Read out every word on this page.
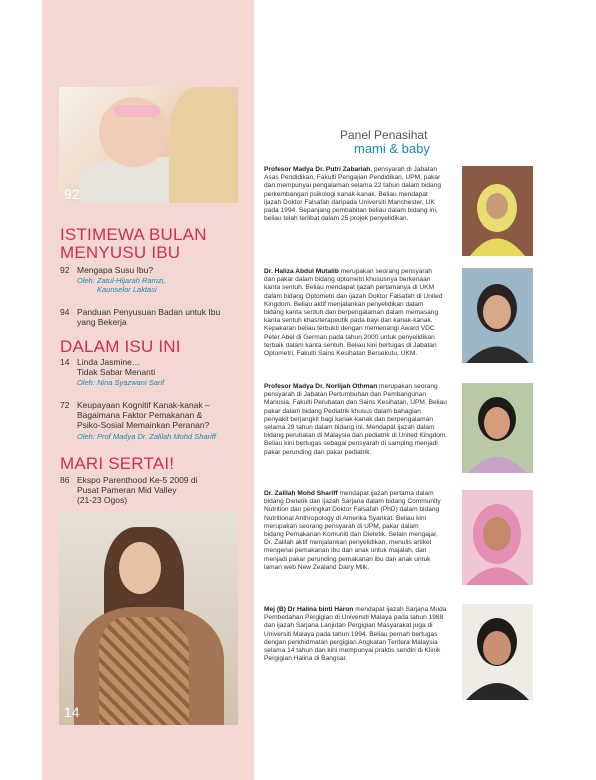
92
ISTIMEWA BULAN
MENYUSU IBU
92 Mengapa Susu Ibu?
Oleh: Zatul-Hijarah Ramzi,
Kaunselor Laktasi
94 Panduan Penyusuan Badan untuk Ibu
yang Bekerja
DALAM ISU INI
14 Linda Jasmine…
Tidak Sabar Menanti
Oleh: Nina Syazwani Sarif
72 Keupayaan Kognitif Kanak-kanak –
Bagaimana Faktor Pemakanan &
Psiko-Sosial Memainkan Peranan?
Oleh: Prof Madya Dr. Zalilah Mohd Shariff
MARI SERTAI!
86 Ekspo Parenthood Ke-5 2009 di
Pusat Pameran Mid Valley
(21-23 Ogos)
14
Panel Penasihat
mami & baby
Profesor Madya Dr. Putri Zabariah, pensyarah di Jabatan
Asas Pendidikan, Fakulti Pengajian Pendidikan, UPM, pakar
dan mempunyai pengalaman selama 22 tahun dalam bidang
perkembangan psikologi kanak-kanak. Beliau mendapat
ijazah Doktor Falsafah daripada Universiti Manchester, UK
pada 1994. Sepanjang pembabitan beliau dalam bidang ini,
beliau telah terlibat dalam 25 projek penyelidikan.
Dr. Haliza Abdul Mutalib merupakan seorang pensyarah
dan pakar dalam bidang optometri khususnya berkenaan
kanta sentuh. Beliau mendapat ijazah pertamanya di UKM
dalam bidang Optometri dan ijazah Doktor Falsafah di United
Kingdom. Beliau aktif menjalankan penyelidikan dalam
bidang kanta sentuh dan berpengalaman dalam memasang
kanta sentuh khas/terapeutik pada bayi dan kanak-kanak.
Kepakaran beliau terbukti dengan memenangi Award VDC
Peter Abel di German pada tahun 2000 untuk penyelidikan
terbaik dalam kanta sentuh. Beliau kini bertugas di Jabatan
Optometri, Fakulti Sains Kesihatan Bersekutu, UKM.
Profesor Madya Dr. Norlijah Othman merupakan seorang
pensyarah di Jabatan Pertumbuhan dan Pembangunan
Manusia, Fakulti Perubatan dan Sains Kesihatan, UPM. Beliau
pakar dalam bidang Pediatrik khusus dalam bahagian
penyakit berjangkit bagi kanak-kanak dan berpengalaman
selama 29 tahun dalam bidang ini. Mendapat ijazah dalam
bidang perubatan di Malaysia dan pediatrik di United Kingdom.
Beliau kini bertugas sebagai pensyarah di samping menjadi
pakar perunding dan pakar pediatrik.
Dr. Zalilah Mohd Shariff mendapat ijazah pertama dalam
bidang Dietetik dan ijazah Sarjana dalam bidang Community
Nutrition dan peringkat Doktor Falsafah (PhD) dalam bidang
Nutritional Anthropology di Amerika Syarikat. Beliau kini
merupakan seorang pensyarah di UPM, pakar dalam
bidang Pemakanan Komuniti dan Dietetik. Selain mengajar,
Dr. Zalilah aktif menjalankan penyelidikan, menulis artikel
mengenai pemakanan ibu dan anak untuk majalah, dan
menjadi pakar perunding pemakanan ibu dan anak untuk
laman web New Zealand Dairy Milk.
Mej (B) Dr Halina binti Haron mendapat ijazah Sarjana Muda
Pembedahan Pergigian di Universiti Malaya pada tahun 1988
dan ijazah Sarjana Lanjutan Pergigian Masyarakat juga di
Universiti Malaya pada tahun 1994. Beliau pernah bertugas
dengan perkhidmatan pergigian Angkatan Tentera Malaysia
selama 14 tahun dan kini mempunyai praktis sendiri di Klinik
Pergigian Halina di Bangsar.
